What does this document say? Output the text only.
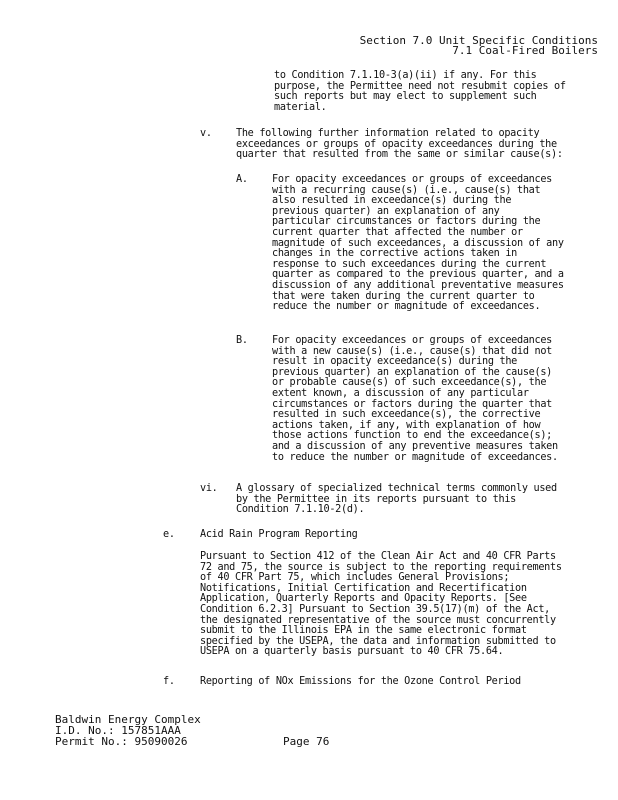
Section 7.0 Unit Specific Conditions
7.1 Coal-Fired Boilers
to Condition 7.1.10-3(a)(ii) if any. For this
purpose, the Permittee need not resubmit copies of
such reports but may elect to supplement such
material.
v. The following further information related to opacity
exceedances or groups of opacity exceedances during the
quarter that resulted from the same or similar cause(s):
A. For opacity exceedances or groups of exceedances
with a recurring cause(s) (i.e., cause(s) that
also resulted in exceedance(s) during the
previous quarter) an explanation of any
particular circumstances or factors during the
current quarter that affected the number or
magnitude of such exceedances, a discussion of any
changes in the corrective actions taken in
response to such exceedances during the current
quarter as compared to the previous quarter, and a
discussion of any additional preventative measures
that were taken during the current quarter to
reduce the number or magnitude of exceedances.
B. For opacity exceedances or groups of exceedances
with a new cause(s) (i.e., cause(s) that did not
result in opacity exceedance(s) during the
previous quarter) an explanation of the cause(s)
or probable cause(s) of such exceedance(s), the
extent known, a discussion of any particular
circumstances or factors during the quarter that
resulted in such exceedance(s), the corrective
actions taken, if any, with explanation of how
those actions function to end the exceedance(s);
and a discussion of any preventive measures taken
to reduce the number or magnitude of exceedances.
vi. A glossary of specialized technical terms commonly used
by the Permittee in its reports pursuant to this
Condition 7.1.10-2(d).
e. Acid Rain Program Reporting
Pursuant to Section 412 of the Clean Air Act and 40 CFR Parts
72 and 75, the source is subject to the reporting requirements
of 40 CFR Part 75, which includes General Provisions;
Notifications, Initial Certification and Recertification
Application, Quarterly Reports and Opacity Reports. [See
Condition 6.2.3] Pursuant to Section 39.5(17)(m) of the Act,
the designated representative of the source must concurrently
submit to the Illinois EPA in the same electronic format
specified by the USEPA, the data and information submitted to
USEPA on a quarterly basis pursuant to 40 CFR 75.64.
f. Reporting of NOx Emissions for the Ozone Control Period
Baldwin Energy Complex
I.D. No.: 157851AAA
Permit No.: 95090026	Page 76
